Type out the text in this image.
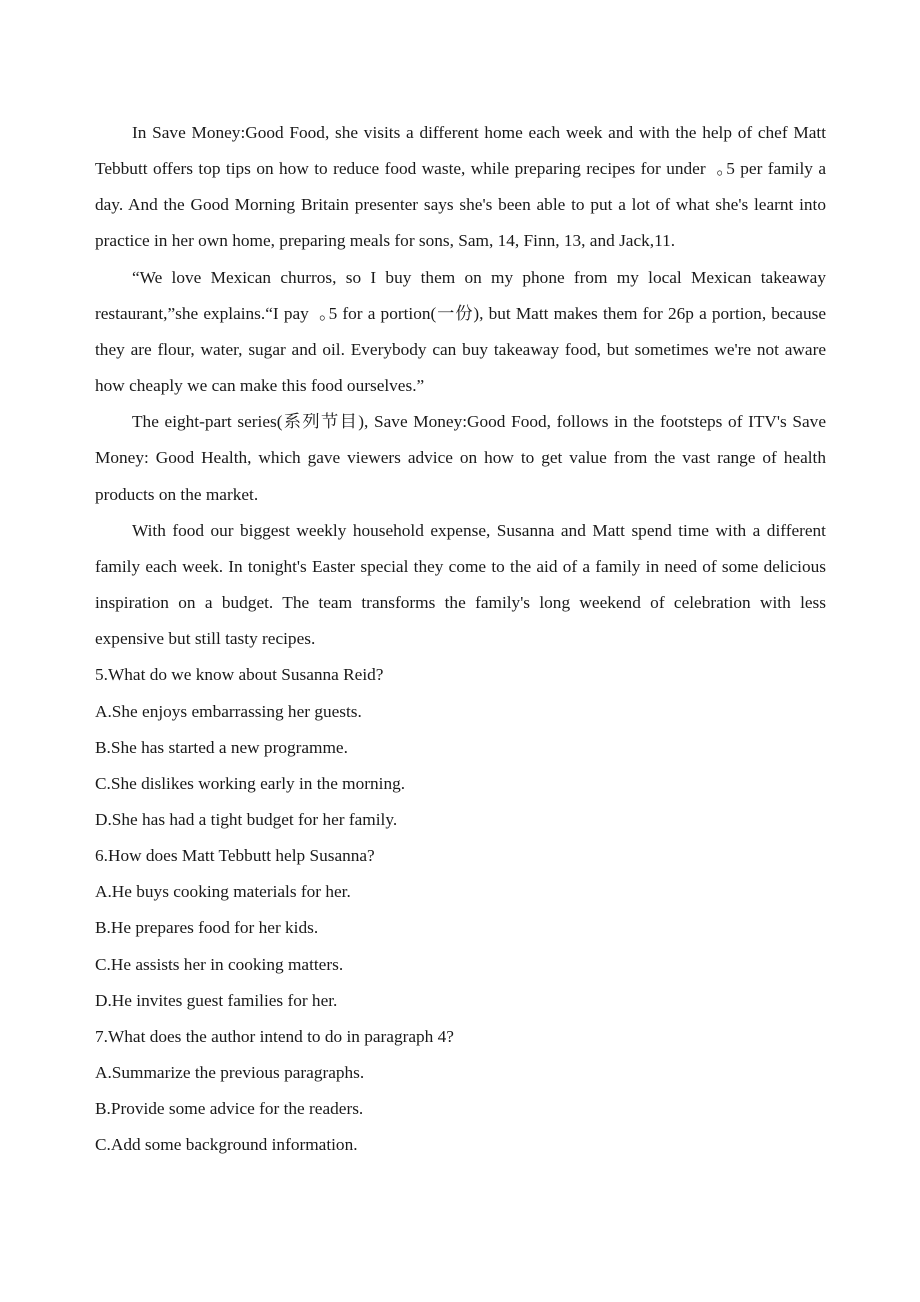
In Save Money:Good Food, she visits a different home each week and with the help of chef Matt Tebbutt offers top tips on how to reduce food waste, while preparing recipes for under  ｡5 per family a day. And the Good Morning Britain presenter says she's been able to put a lot of what she's learnt into practice in her own home, preparing meals for sons, Sam, 14, Finn, 13, and Jack,11.

“We love Mexican churros, so I buy them on my phone from my local Mexican takeaway restaurant,”she explains.“I pay  ｡5 for a portion(一份), but Matt makes them for 26p a portion, because they are flour, water, sugar and oil. Everybody can buy takeaway food, but sometimes we're not aware how cheaply we can make this food ourselves.”

The eight-part series(系列节目), Save Money:Good Food, follows in the footsteps of ITV's Save Money: Good Health, which gave viewers advice on how to get value from the vast range of health products on the market.

With food our biggest weekly household expense, Susanna and Matt spend time with a different family each week. In tonight's Easter special they come to the aid of a family in need of some delicious inspiration on a budget. The team transforms the family's long weekend of celebration with less expensive but still tasty recipes.

5.What do we know about Susanna Reid?

A.She enjoys embarrassing her guests.

B.She has started a new programme.

C.She dislikes working early in the morning.

D.She has had a tight budget for her family.

6.How does Matt Tebbutt help Susanna?

A.He buys cooking materials for her.

B.He prepares food for her kids.

C.He assists her in cooking matters.

D.He invites guest families for her.

7.What does the author intend to do in paragraph 4?

A.Summarize the previous paragraphs.

B.Provide some advice for the readers.

C.Add some background information.
